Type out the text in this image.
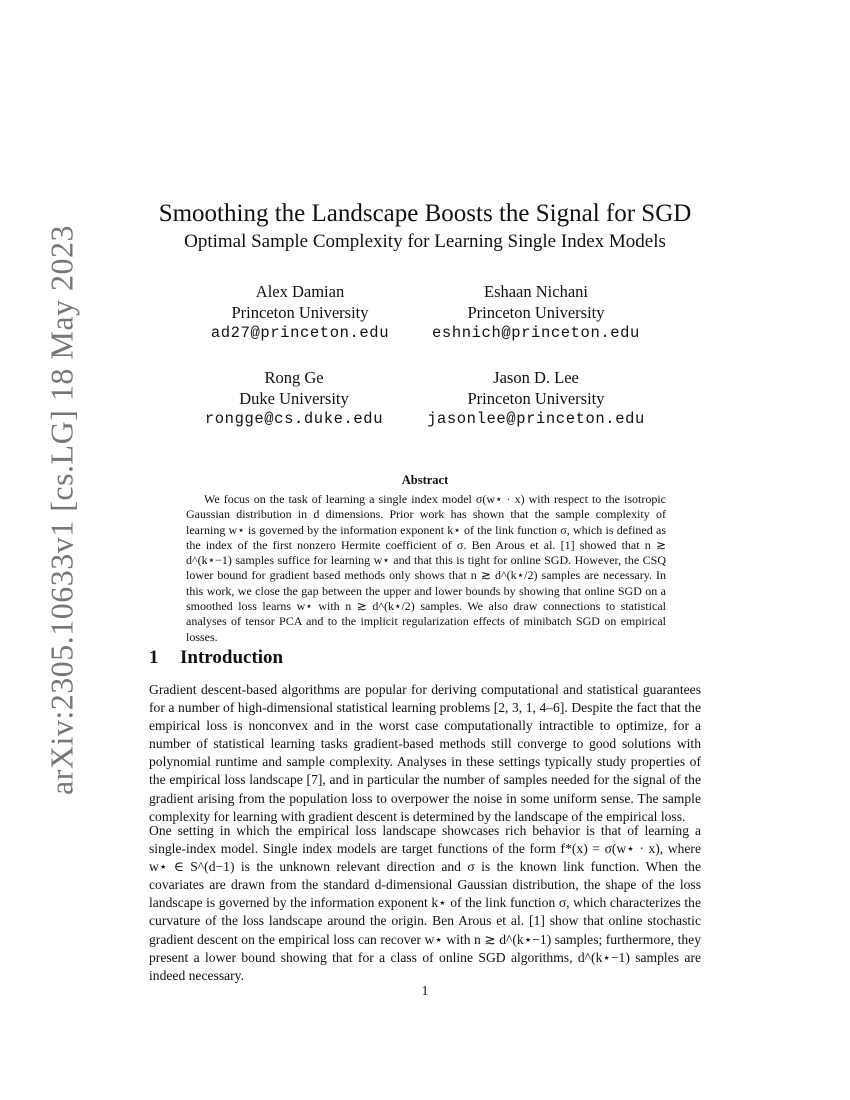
arXiv:2305.10633v1 [cs.LG] 18 May 2023
Smoothing the Landscape Boosts the Signal for SGD
Optimal Sample Complexity for Learning Single Index Models
Alex Damian
Princeton University
ad27@princeton.edu
Eshaan Nichani
Princeton University
eshnich@princeton.edu
Rong Ge
Duke University
rongge@cs.duke.edu
Jason D. Lee
Princeton University
jasonlee@princeton.edu
Abstract

We focus on the task of learning a single index model σ(w⋆ · x) with respect to the isotropic Gaussian distribution in d dimensions. Prior work has shown that the sample complexity of learning w⋆ is governed by the information exponent k⋆ of the link function σ, which is defined as the index of the first nonzero Hermite coefficient of σ. Ben Arous et al. [1] showed that n ≳ d^(k⋆−1) samples suffice for learning w⋆ and that this is tight for online SGD. However, the CSQ lower bound for gradient based methods only shows that n ≳ d^(k⋆/2) samples are necessary. In this work, we close the gap between the upper and lower bounds by showing that online SGD on a smoothed loss learns w⋆ with n ≳ d^(k⋆/2) samples. We also draw connections to statistical analyses of tensor PCA and to the implicit regularization effects of minibatch SGD on empirical losses.

1 Introduction

Gradient descent-based algorithms are popular for deriving computational and statistical guarantees for a number of high-dimensional statistical learning problems [2, 3, 1, 4–6]. Despite the fact that the empirical loss is nonconvex and in the worst case computationally intractible to optimize, for a number of statistical learning tasks gradient-based methods still converge to good solutions with polynomial runtime and sample complexity. Analyses in these settings typically study properties of the empirical loss landscape [7], and in particular the number of samples needed for the signal of the gradient arising from the population loss to overpower the noise in some uniform sense. The sample complexity for learning with gradient descent is determined by the landscape of the empirical loss.

One setting in which the empirical loss landscape showcases rich behavior is that of learning a single-index model. Single index models are target functions of the form f*(x) = σ(w⋆ · x), where w⋆ ∈ S^(d−1) is the unknown relevant direction and σ is the known link function. When the covariates are drawn from the standard d-dimensional Gaussian distribution, the shape of the loss landscape is governed by the information exponent k⋆ of the link function σ, which characterizes the curvature of the loss landscape around the origin. Ben Arous et al. [1] show that online stochastic gradient descent on the empirical loss can recover w⋆ with n ≳ d^(k⋆−1) samples; furthermore, they present a lower bound showing that for a class of online SGD algorithms, d^(k⋆−1) samples are indeed necessary.

1
